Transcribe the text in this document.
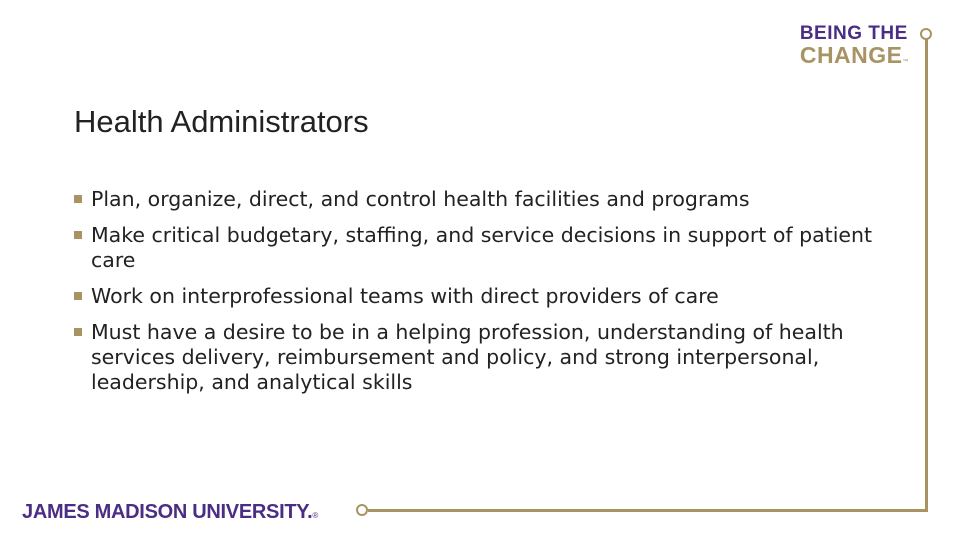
BEING THE
CHANGE™
Health Administrators
Plan, organize, direct, and control health facilities and programs
Make critical budgetary, staffing, and service decisions in support of patient care
Work on interprofessional teams with direct providers of care
Must have a desire to be in a helping profession, understanding of health services delivery, reimbursement and policy, and strong interpersonal, leadership, and analytical skills
JAMES MADISON UNIVERSITY.®
